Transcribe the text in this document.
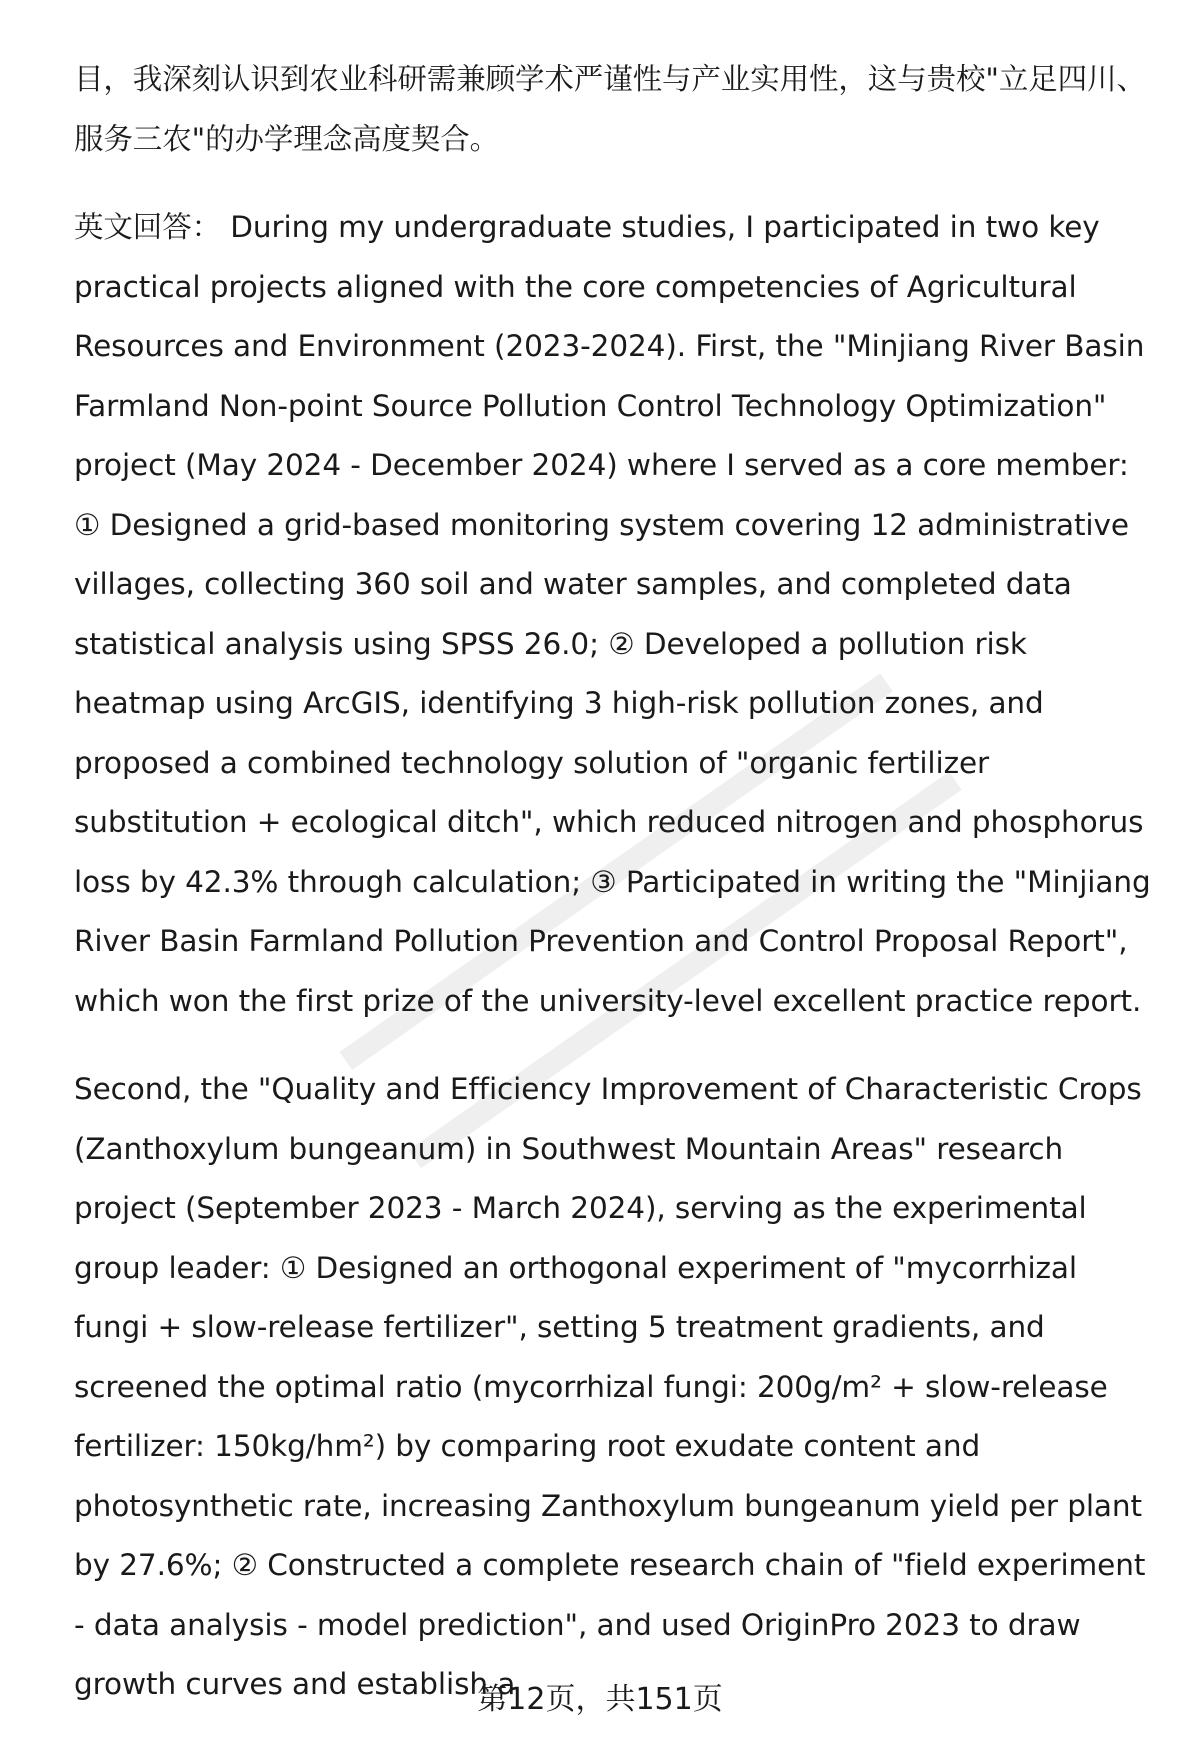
目，我深刻认识到农业科研需兼顾学术严谨性与产业实用性，这与贵校"立足四川、服务三农"的办学理念高度契合。

英文回答： During my undergraduate studies, I participated in two key practical projects aligned with the core competencies of Agricultural Resources and Environment (2023-2024). First, the "Minjiang River Basin Farmland Non-point Source Pollution Control Technology Optimization" project (May 2024 - December 2024) where I served as a core member: ① Designed a grid-based monitoring system covering 12 administrative villages, collecting 360 soil and water samples, and completed data statistical analysis using SPSS 26.0; ② Developed a pollution risk heatmap using ArcGIS, identifying 3 high-risk pollution zones, and proposed a combined technology solution of "organic fertilizer substitution + ecological ditch", which reduced nitrogen and phosphorus loss by 42.3% through calculation; ③ Participated in writing the "Minjiang River Basin Farmland Pollution Prevention and Control Proposal Report", which won the first prize of the university-level excellent practice report.

Second, the "Quality and Efficiency Improvement of Characteristic Crops (Zanthoxylum bungeanum) in Southwest Mountain Areas" research project (September 2023 - March 2024), serving as the experimental group leader: ① Designed an orthogonal experiment of "mycorrhizal fungi + slow-release fertilizer", setting 5 treatment gradients, and screened the optimal ratio (mycorrhizal fungi: 200g/m² + slow-release fertilizer: 150kg/hm²) by comparing root exudate content and photosynthetic rate, increasing Zanthoxylum bungeanum yield per plant by 27.6%; ② Constructed a complete research chain of "field experiment - data analysis - model prediction", and used OriginPro 2023 to draw growth curves and establish a

第12页，共151页
